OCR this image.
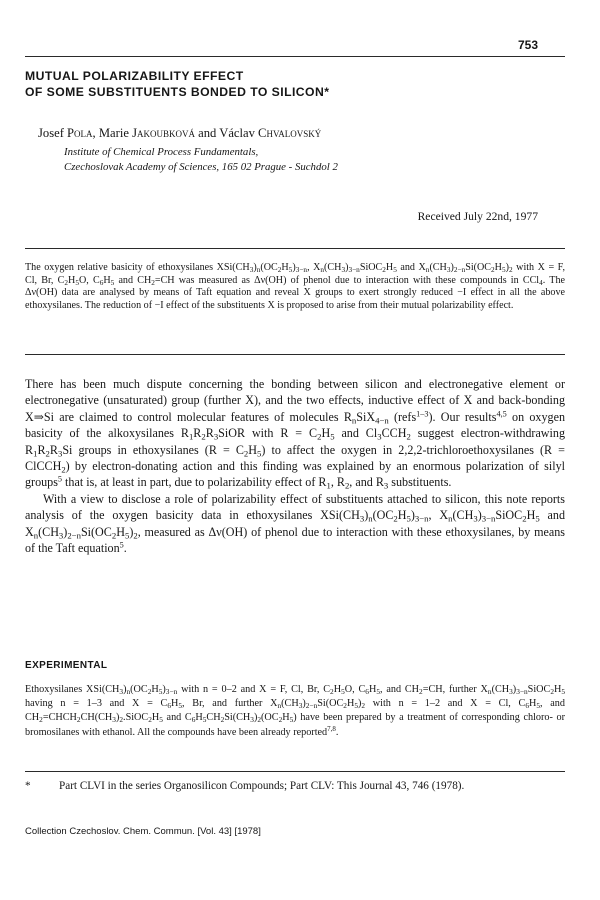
753
MUTUAL POLARIZABILITY EFFECT
OF SOME SUBSTITUENTS BONDED TO SILICON*
Josef Pola, Marie Jakoubková and Václav Chvalovský
Institute of Chemical Process Fundamentals,
Czechoslovak Academy of Sciences, 165 02 Prague - Suchdol 2
Received July 22nd, 1977
The oxygen relative basicity of ethoxysilanes $XSi(CH_3)_n(OC_2H_5)_{3-n}$, $X_n(CH_3)_{3-n}SiOC_2H_5$ and $X_n(CH_3)_{2-n}Si(OC_2H_5)_2$ with X = F, Cl, Br, $C_2H_5O$, $C_6H_5$ and $CH_2=CH$ was measured as Δν(OH) of phenol due to interaction with these compounds in CCl$_4$. The Δν(OH) data are analysed by means of Taft equation and reveal X groups to exert strongly reduced −I effect in all the above ethoxysilanes. The reduction of −I effect of the substituents X is proposed to arise from their mutual polarizability effect.

There has been much dispute concerning the bonding between silicon and electronegative element or electronegative (unsaturated) group (further X), and the two effects, inductive effect of X and back-bonding X⇒Si are claimed to control molecular features of molecules $R_nSiX_{4-n}$ (refs$^{1-3}$). Our results$^{4,5}$ on oxygen basicity of the alkoxysilanes $R_1R_2R_3SiOR$ with $R = C_2H_5$ and $Cl_3CCH_2$ suggest electron-withdrawing $R_1R_2R_3Si$ groups in ethoxysilanes $(R = C_2H_5)$ to affect the oxygen in 2,2,2-trichloroethoxysilanes (R = ClCCH$_2$) by electron-donating action and this finding was explained by an enormous polarization of silyl groups$^5$ that is, at least in part, due to polarizability effect of $R_1$, $R_2$, and $R_3$ substituents.

With a view to disclose a role of polarizability effect of substituents attached to silicon, this note reports analysis of the oxygen basicity data in ethoxysilanes $XSi(CH_3)_n(OC_2H_5)_{3-n}$, $X_n(CH_3)_{3-n}SiOC_2H_5$ and $X_n(CH_3)_{2-n}Si(OC_2H_5)_2$, measured as Δν(OH) of phenol due to interaction with these ethoxysilanes, by means of the Taft equation$^5$.

EXPERIMENTAL
Ethoxysilanes $XSi(CH_3)_n(OC_2H_5)_{3-n}$ with n = 0–2 and X = F, Cl, Br, $C_2H_5O$, $C_6H_5$, and $CH_2=CH$, further $X_n(CH_3)_{3-n}SiOC_2H_5$ having n = 1–3 and $X = C_6H_5$, Br, and further $X_n(CH_3)_{2-n}Si(OC_2H_5)_2$ with n = 1–2 and X = Cl, $C_6H_5$, and $CH_2=CHCH_2CH(CH_3)_2.SiOC_2H_5$ and $C_6H_5CH_2Si(CH_3)_2(OC_2H_5)$ have been prepared by a treatment of corresponding chloro- or bromosilanes with ethanol. All the compounds have been already reported$^{7,8}$.
*	Part CLVI in the series Organosilicon Compounds; Part CLV: This Journal 43, 746 (1978).
Collection Czechoslov. Chem. Commun. [Vol. 43] [1978]
